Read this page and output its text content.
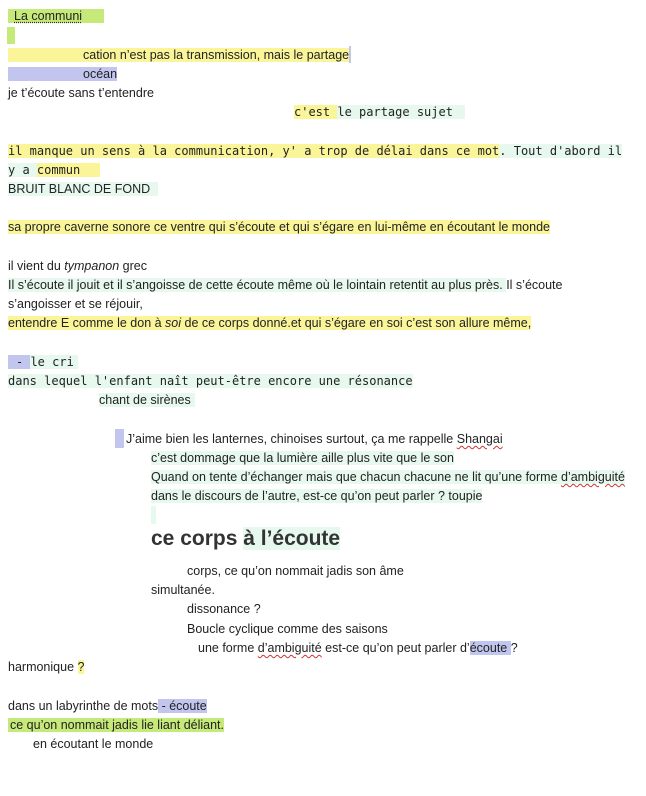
La communi
cation n’est pas la transmission, mais le partage
océan
je t’écoute sans t’entendre
c'est le partage sujet
il manque un sens à la communication, y' a trop de délai dans ce mot. Tout d'abord il
y a commun
BRUIT BLANC DE FOND
sa propre caverne sonore ce ventre qui s’écoute et qui s’égare en lui-même en écoutant le monde
il vient du tympanon grec
Il s’écoute il jouit et il s’angoisse de cette écoute même où le lointain retentit au plus près. Il s’écoute
s’angoisser et se réjouir,
entendre E comme le don à soi de ce corps donné.et qui s’égare en soi c’est son allure même,
- le cri
dans lequel l'enfant naît peut-être encore une résonance
chant de sirènes
J’aime bien les lanternes, chinoises surtout, ça me rappelle Shangai
c’est dommage que la lumière aille plus vite que le son
Quand on tente d’échanger mais que chacun chacune ne lit qu’une forme d’ambiguité
dans le discours de l’autre, est-ce qu’on peut parler ? toupie
ce corps à l’écoute
corps, ce qu’on nommait jadis son âme
simultanée.
dissonance ?
Boucle cyclique comme des saisons
une forme d’ambiguité est-ce qu’on peut parler d’écoute ?
harmonique ?
dans un labyrinthe de mots - écoute
ce qu’on nommait jadis lie liant déliant.
en écoutant le monde
